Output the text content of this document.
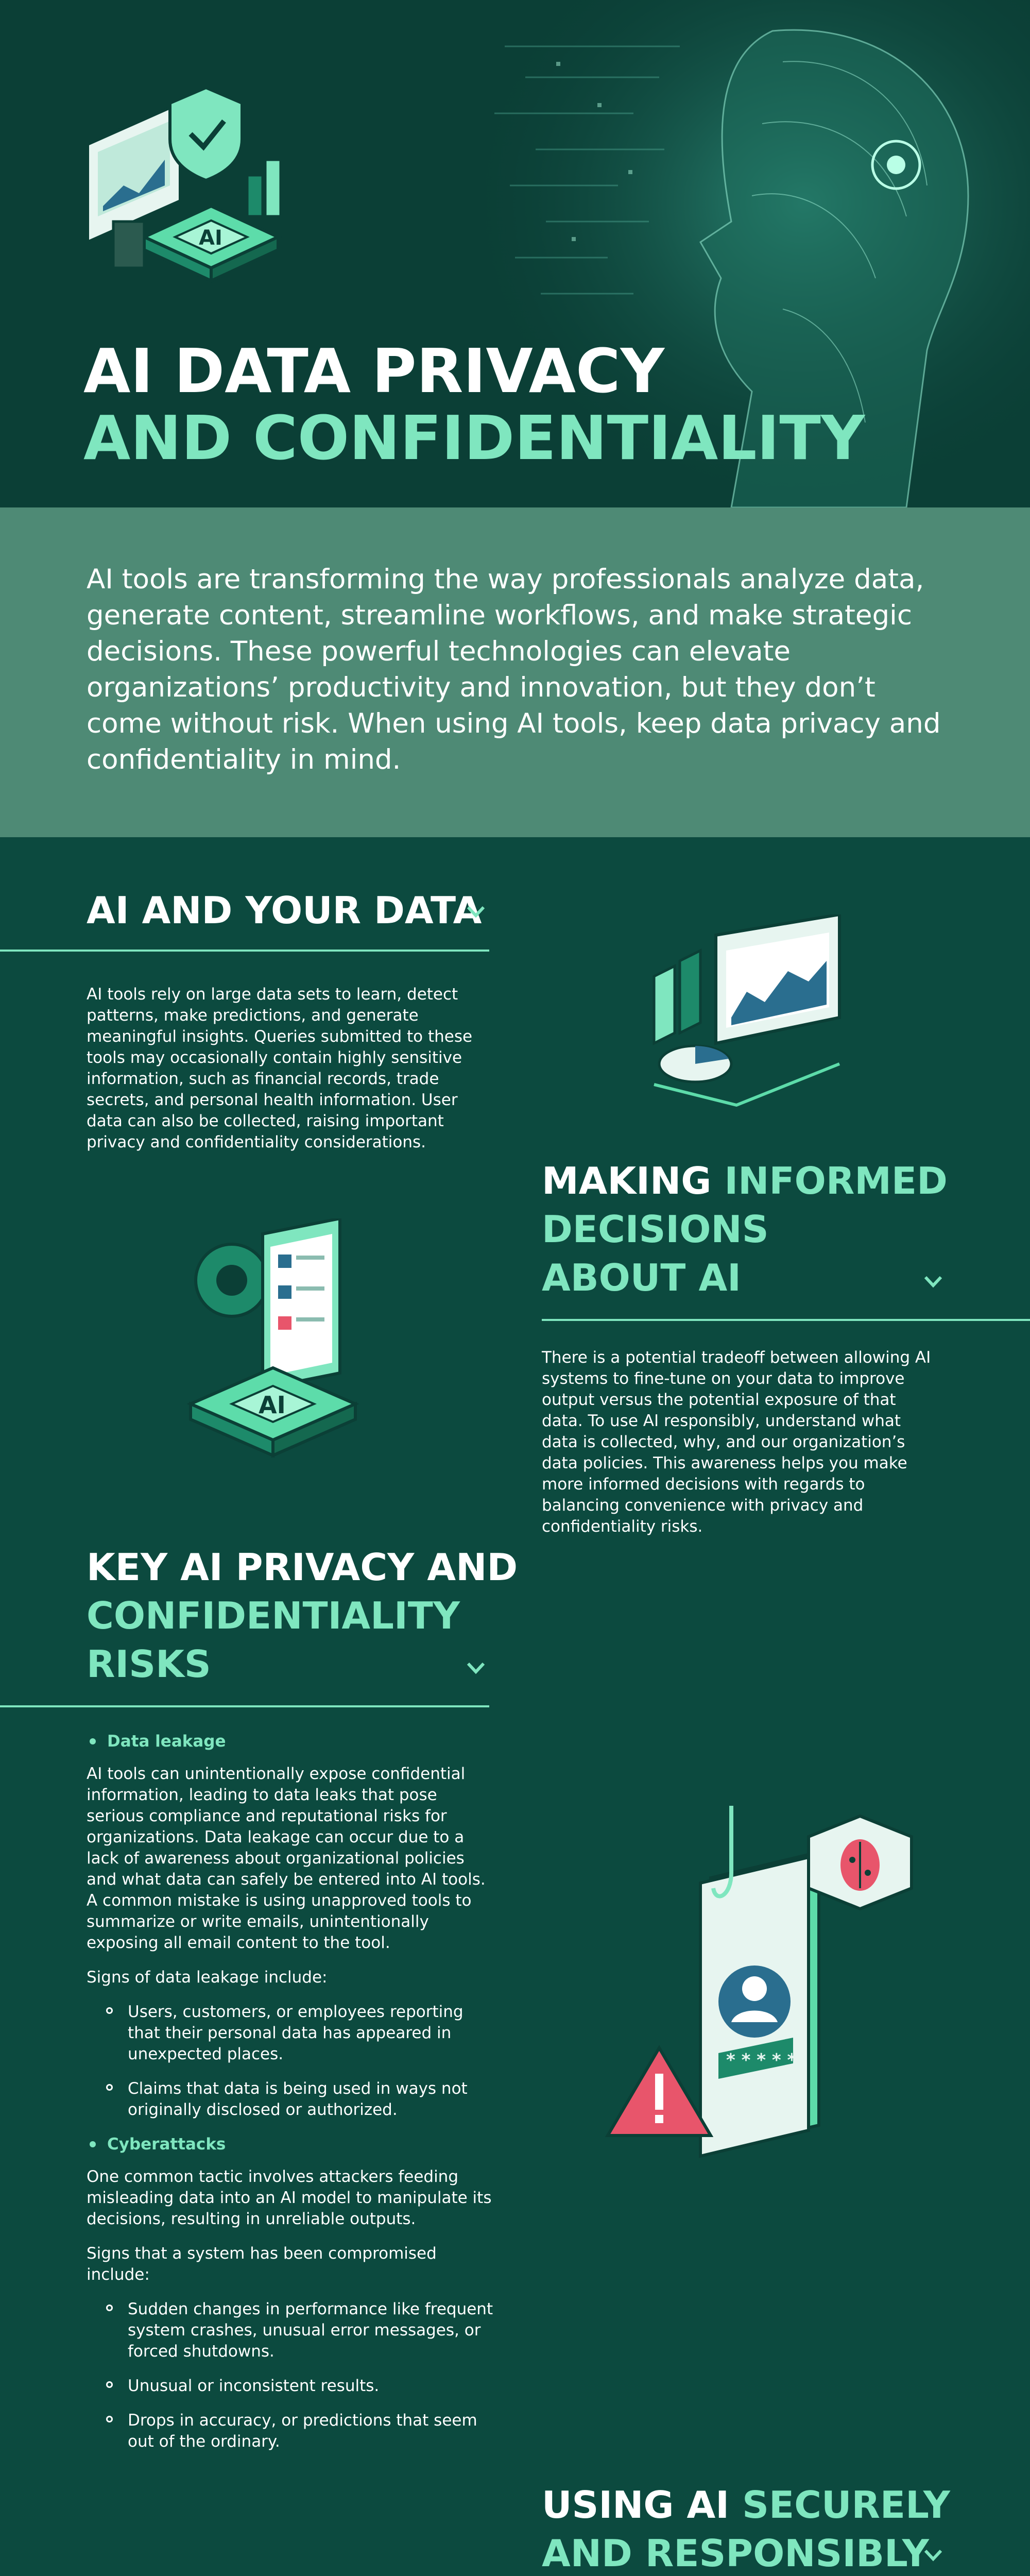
AI
AI DATA PRIVACY
AND CONFIDENTIALITY

AI tools are transforming the way professionals analyze data, generate content, streamline workflows, and make strategic decisions. These powerful technologies can elevate organizations’ productivity and innovation, but they don’t come without risk. When using AI tools, keep data privacy and confidentiality in mind.

AI AND YOUR DATA

AI tools rely on large data sets to learn, detect patterns, make predictions, and generate meaningful insights. Queries submitted to these tools may occasionally contain highly sensitive information, such as financial records, trade secrets, and personal health information. User data can also be collected, raising important privacy and confidentiality considerations.

MAKING INFORMED
DECISIONS
ABOUT AI

There is a potential tradeoff between allowing AI systems to fine-tune on your data to improve output versus the potential exposure of that data. To use AI responsibly, understand what data is collected, why, and our organization’s data policies. This awareness helps you make more informed decisions with regards to balancing convenience with privacy and confidentiality risks.

AI
KEY AI PRIVACY AND
CONFIDENTIALITY
RISKS
Data leakage

AI tools can unintentionally expose confidential information, leading to data leaks that pose serious compliance and reputational risks for organizations. Data leakage can occur due to a lack of awareness about organizational policies and what data can safely be entered into AI tools. A common mistake is using unapproved tools to summarize or write emails, unintentionally exposing all email content to the tool.

Signs of data leakage include:

Users, customers, or employees reporting that their personal data has appeared in unexpected places.
Claims that data is being used in ways not originally disclosed or authorized.
Cyberattacks

One common tactic involves attackers feeding misleading data into an AI model to manipulate its decisions, resulting in unreliable outputs.

Signs that a system has been compromised include:

Sudden changes in performance like frequent system crashes, unusual error messages, or forced shutdowns.
Unusual or inconsistent results.
Drops in accuracy, or predictions that seem out of the ordinary.
* * * * *
USING AI SECURELY
AND RESPONSIBLY
